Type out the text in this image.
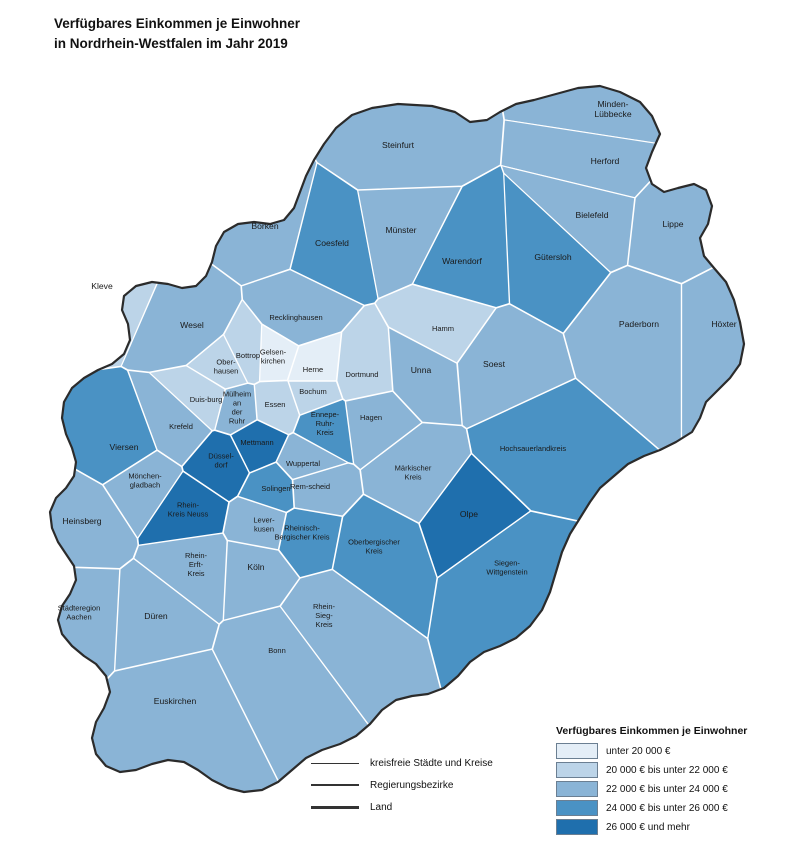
Verfügbares Einkommen je Einwohner
in Nordrhein-Westfalen im Jahr 2019
Minden-Lübbecke
Herford
Bielefeld
Lippe
Höxter
Paderborn
Gütersloh
Steinfurt
Borken
Coesfeld
Münster
Warendorf
Kleve
Wesel
Recklinghausen
Hamm
Unna
Soest
Gelsen-kirchen
Bottrop
Ober-hausen	Herne
Dortmund
Bochum
Duis-burg
Mülheim an der Ruhr
Essen
Ennepe-Ruhr-Kreis
Hagen
Krefeld
Mettmann
Viersen	Hochsauerlandkreis
Düssel-dorf	Wuppertal
Mönchen-gladbach	Solingen Rem-scheid
Märkischer Kreis
Rhein-Kreis Neuss	Olpe
Heinsberg	Lever-kusen	Rheinisch-Bergischer Kreis
Oberbergischer Kreis
Siegen-Wittgenstein
Rhein-Erft-Kreis
Köln
Städteregion Aachen	Düren
Rhein-Sieg-Kreis
Bonn
Euskirchen
kreisfreie Städte und Kreise
Regierungsbezirke
Land
Verfügbares Einkommen je Einwohner
unter 20 000 €
20 000 € bis unter 22 000 €
22 000 € bis unter 24 000 €
24 000 € bis unter 26 000 €
26 000 € und mehr
